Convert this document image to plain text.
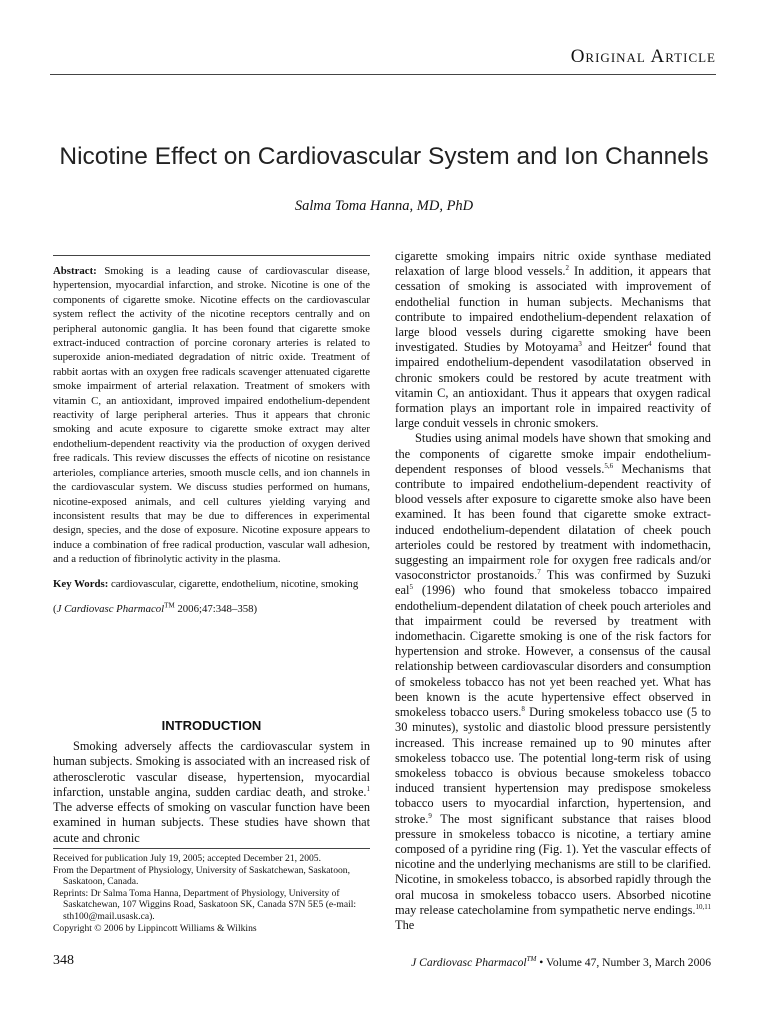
Original Article
Nicotine Effect on Cardiovascular System and Ion Channels
Salma Toma Hanna, MD, PhD
Abstract: Smoking is a leading cause of cardiovascular disease, hypertension, myocardial infarction, and stroke. Nicotine is one of the components of cigarette smoke. Nicotine effects on the cardiovascular system reflect the activity of the nicotine receptors centrally and on peripheral autonomic ganglia. It has been found that cigarette smoke extract-induced contraction of porcine coronary arteries is related to superoxide anion-mediated degradation of nitric oxide. Treatment of rabbit aortas with an oxygen free radicals scavenger attenuated cigarette smoke impairment of arterial relaxation. Treatment of smokers with vitamin C, an antioxidant, improved impaired endothelium-dependent reactivity of large peripheral arteries. Thus it appears that chronic smoking and acute exposure to cigarette smoke extract may alter endothelium-dependent reactivity via the production of oxygen derived free radicals. This review discusses the effects of nicotine on resistance arterioles, compliance arteries, smooth muscle cells, and ion channels in the cardiovascular system. We discuss studies performed on humans, nicotine-exposed animals, and cell cultures yielding varying and inconsistent results that may be due to differences in experimental design, species, and the dose of exposure. Nicotine exposure appears to induce a combination of free radical production, vascular wall adhesion, and a reduction of fibrinolytic activity in the plasma.
Key Words: cardiovascular, cigarette, endothelium, nicotine, smoking
(J Cardiovasc Pharmacol™ 2006;47:348–358)
INTRODUCTION

Smoking adversely affects the cardiovascular system in human subjects. Smoking is associated with an increased risk of atherosclerotic vascular disease, hypertension, myocardial infarction, unstable angina, sudden cardiac death, and stroke.$^1$ The adverse effects of smoking on vascular function have been examined in human subjects. These studies have shown that acute and chronic

Received for publication July 19, 2005; accepted December 21, 2005.

From the Department of Physiology, University of Saskatchewan, Saskatoon, Saskatoon, Canada.

Reprints: Dr Salma Toma Hanna, Department of Physiology, University of Saskatchewan, 107 Wiggins Road, Saskatoon SK, Canada S7N 5E5 (e-mail: sth100@mail.usask.ca).

Copyright © 2006 by Lippincott Williams & Wilkins

cigarette smoking impairs nitric oxide synthase mediated relaxation of large blood vessels.$^2$ In addition, it appears that cessation of smoking is associated with improvement of endothelial function in human subjects. Mechanisms that contribute to impaired endothelium-dependent relaxation of large blood vessels during cigarette smoking have been investigated. Studies by Motoyama$^3$ and Heitzer$^4$ found that impaired endothelium-dependent vasodilatation observed in chronic smokers could be restored by acute treatment with vitamin C, an antioxidant. Thus it appears that oxygen radical formation plays an important role in impaired reactivity of large conduit vessels in chronic smokers.

Studies using animal models have shown that smoking and the components of cigarette smoke impair endothelium-dependent responses of blood vessels.$^{5,6}$ Mechanisms that contribute to impaired endothelium-dependent reactivity of blood vessels after exposure to cigarette smoke also have been examined. It has been found that cigarette smoke extract-induced endothelium-dependent dilatation of cheek pouch arterioles could be restored by treatment with indomethacin, suggesting an impairment role for oxygen free radicals and/or vasoconstrictor prostanoids.$^7$ This was confirmed by Suzuki eal$^5$ (1996) who found that smokeless tobacco impaired endothelium-dependent dilatation of cheek pouch arterioles and that impairment could be reversed by treatment with indomethacin. Cigarette smoking is one of the risk factors for hypertension and stroke. However, a consensus of the causal relationship between cardiovascular disorders and consumption of smokeless tobacco has not yet been reached yet. What has been known is the acute hypertensive effect observed in smokeless tobacco users.$^8$ During smokeless tobacco use (5 to 30 minutes), systolic and diastolic blood pressure persistently increased. This increase remained up to 90 minutes after smokeless tobacco use. The potential long-term risk of using smokeless tobacco is obvious because smokeless tobacco induced transient hypertension may predispose smokeless tobacco users to myocardial infarction, hypertension, and stroke.$^9$ The most significant substance that raises blood pressure in smokeless tobacco is nicotine, a tertiary amine composed of a pyridine ring (Fig. 1). Yet the vascular effects of nicotine and the underlying mechanisms are still to be clarified. Nicotine, in smokeless tobacco, is absorbed rapidly through the oral mucosa in smokeless tobacco users. Absorbed nicotine may release catecholamine from sympathetic nerve endings.$^{10,11}$ The

348	J Cardiovasc Pharmacol™ • Volume 47, Number 3, March 2006
